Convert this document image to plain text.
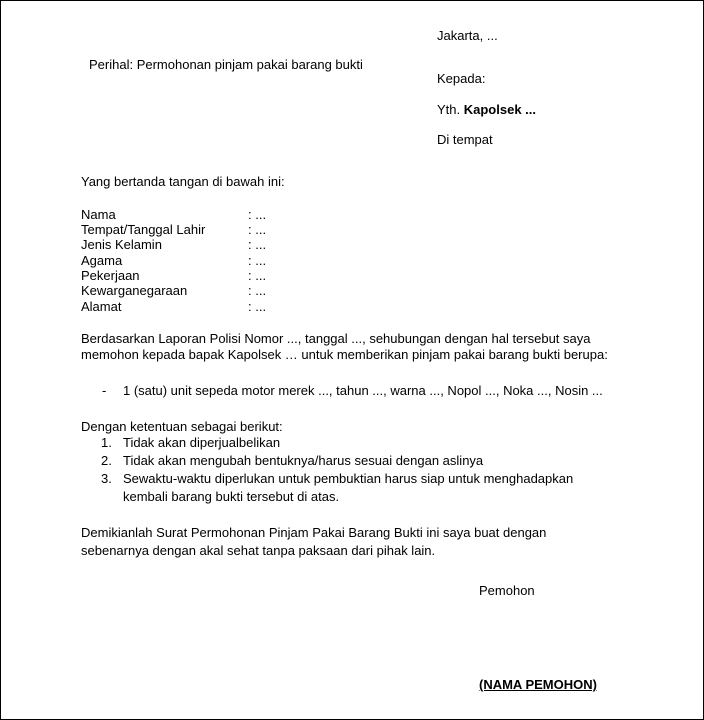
Jakarta, ...
Perihal: Permohonan pinjam pakai barang bukti
Kepada:
Yth. Kapolsek ...
Di tempat
Yang bertanda tangan di bawah ini:
Nama	: ...
Tempat/Tanggal Lahir	: ...
Jenis Kelamin	: ...
Agama	: ...
Pekerjaan	: ...
Kewarganegaraan	: ...
Alamat	: ...
Berdasarkan Laporan Polisi Nomor ..., tanggal ..., sehubungan dengan hal tersebut saya
memohon kepada bapak Kapolsek … untuk memberikan pinjam pakai barang bukti berupa:
- 1 (satu) unit sepeda motor merek ..., tahun ..., warna ..., Nopol ..., Noka ..., Nosin ...
Dengan ketentuan sebagai berikut:
1. Tidak akan diperjualbelikan
2. Tidak akan mengubah bentuknya/harus sesuai dengan aslinya
3. Sewaktu-waktu diperlukan untuk pembuktian harus siap untuk menghadapkan
kembali barang bukti tersebut di atas.
Demikianlah Surat Permohonan Pinjam Pakai Barang Bukti ini saya buat dengan
sebenarnya dengan akal sehat tanpa paksaan dari pihak lain.
Pemohon
(NAMA PEMOHON)
